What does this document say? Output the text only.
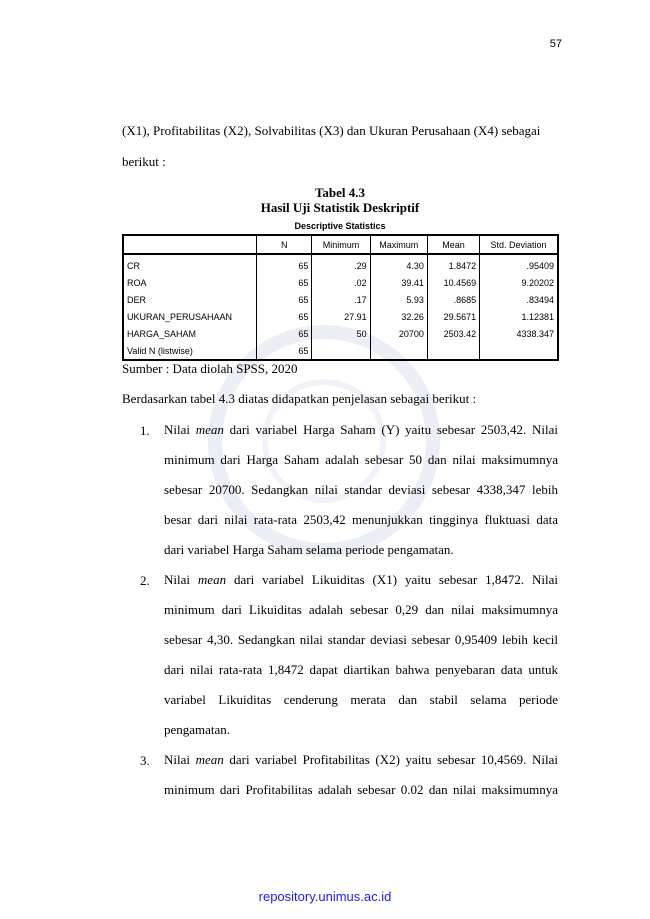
57
(X1), Profitabilitas (X2), Solvabilitas (X3) dan Ukuran Perusahaan (X4) sebagai
berikut :
Tabel 4.3
Hasil Uji Statistik Deskriptif
Descriptive Statistics
	N	Minimum	Maximum	Mean	Std. Deviation
CR	65	.29	4.30	1.8472	.95409
ROA	65	.02	39.41	10.4569	9.20202
DER	65	.17	5.93	.8685	.83494
UKURAN_PERUSAHAAN	65	27.91	32.26	29.5671	1.12381
HARGA_SAHAM	65	50	20700	2503.42	4338.347
Valid N (listwise)	65				
Sumber : Data diolah SPSS, 2020
Berdasarkan tabel 4.3 diatas didapatkan penjelasan sebagai berikut :
1. Nilai mean dari variabel Harga Saham (Y) yaitu sebesar 2503,42. Nilai
minimum dari Harga Saham adalah sebesar 50 dan nilai maksimumnya
sebesar 20700. Sedangkan nilai standar deviasi sebesar 4338,347 lebih
besar dari nilai rata-rata 2503,42 menunjukkan tingginya fluktuasi data
dari variabel Harga Saham selama periode pengamatan.
2. Nilai mean dari variabel Likuiditas (X1) yaitu sebesar 1,8472. Nilai
minimum dari Likuiditas adalah sebesar 0,29 dan nilai maksimumnya
sebesar 4,30. Sedangkan nilai standar deviasi sebesar 0,95409 lebih kecil
dari nilai rata-rata 1,8472 dapat diartikan bahwa penyebaran data untuk
variabel Likuiditas cenderung merata dan stabil selama periode
pengamatan.
3. Nilai mean dari variabel Profitabilitas (X2) yaitu sebesar 10,4569. Nilai
minimum dari Profitabilitas adalah sebesar 0.02 dan nilai maksimumnya
repository.unimus.ac.id
